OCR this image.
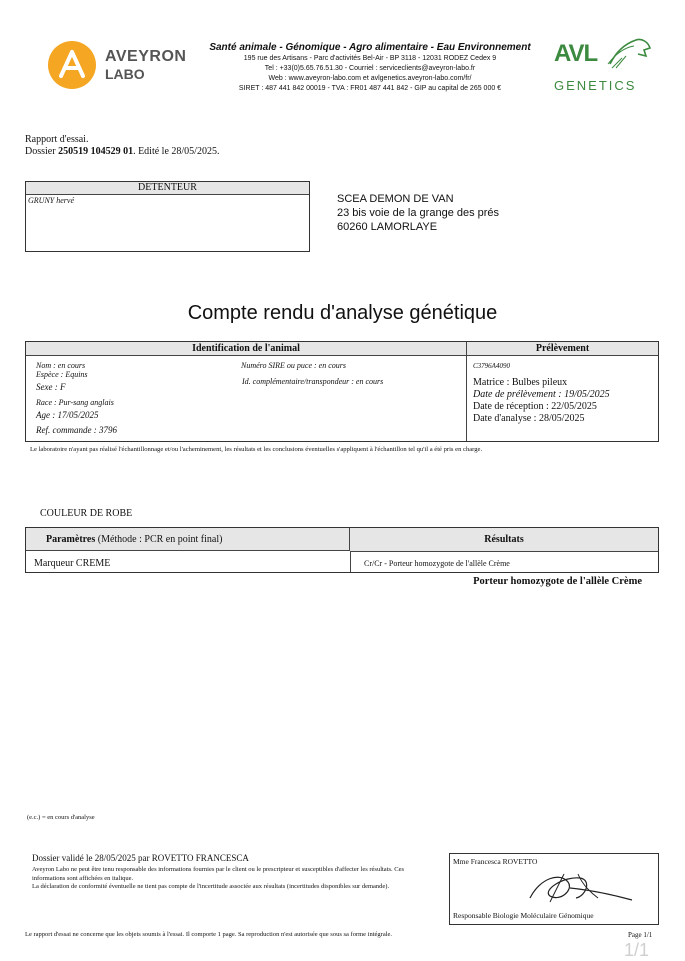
AVEYRON
LABO
Santé animale - Génomique - Agro alimentaire - Eau Environnement
195 rue des Artisans - Parc d'activités Bel-Air - BP 3118 - 12031 RODEZ Cedex 9
Tel : +33(0)5.65.76.51.30 - Courriel : serviceclients@aveyron-labo.fr
Web : www.aveyron-labo.com et avlgenetics.aveyron-labo.com/fr/
SIRET : 487 441 842 00019 - TVA : FR01 487 441 842 - GIP au capital de 265 000 €
AVL
GENETICS
Rapport d'essai.
Dossier 250519 104529 01. Edité le 28/05/2025.
DETENTEUR
GRUNY hervé	SCEA DEMON DE VAN
23 bis voie de la grange des prés
60260 LAMORLAYE
Compte rendu d'analyse génétique
Identification de l'animal	Prélèvement
Nom : en cours
Espèce : Equins
Sexe : F
Race : Pur-sang anglais
Age : 17/05/2025
Ref. commande : 3796
Numéro SIRE ou puce : en cours
Id. complémentaire/transpondeur : en cours
C3796A4090
Matrice : Bulbes pileux
Date de prélèvement : 19/05/2025
Date de réception : 22/05/2025
Date d'analyse : 28/05/2025
Le laboratoire n'ayant pas réalisé l'échantillonnage et/ou l'acheminement, les résultats et les conclusions éventuelles s'appliquent à l'échantillon tel qu'il a été pris en charge.
COULEUR DE ROBE
Paramètres (Méthode : PCR en point final)	Résultats
Marqueur CREME	Cr/Cr - Porteur homozygote de l'allèle Crème
Porteur homozygote de l'allèle Crème
(e.c.) = en cours d'analyse
Dossier validé le 28/05/2025 par ROVETTO FRANCESCA
Aveyron Labo ne peut être tenu responsable des informations fournies par le client ou le prescripteur et susceptibles d'affecter les résultats. Ces informations sont affichées en italique.
La déclaration de conformité éventuelle ne tient pas compte de l'incertitude associée aux résultats (incertitudes disponibles sur demande).
Mme Francesca ROVETTO
Responsable Biologie Moléculaire Génomique
Le rapport d'essai ne concerne que les objets soumis à l'essai. Il comporte 1 page. Sa reproduction n'est autorisée que sous sa forme intégrale.	Page 1/1
1/1
